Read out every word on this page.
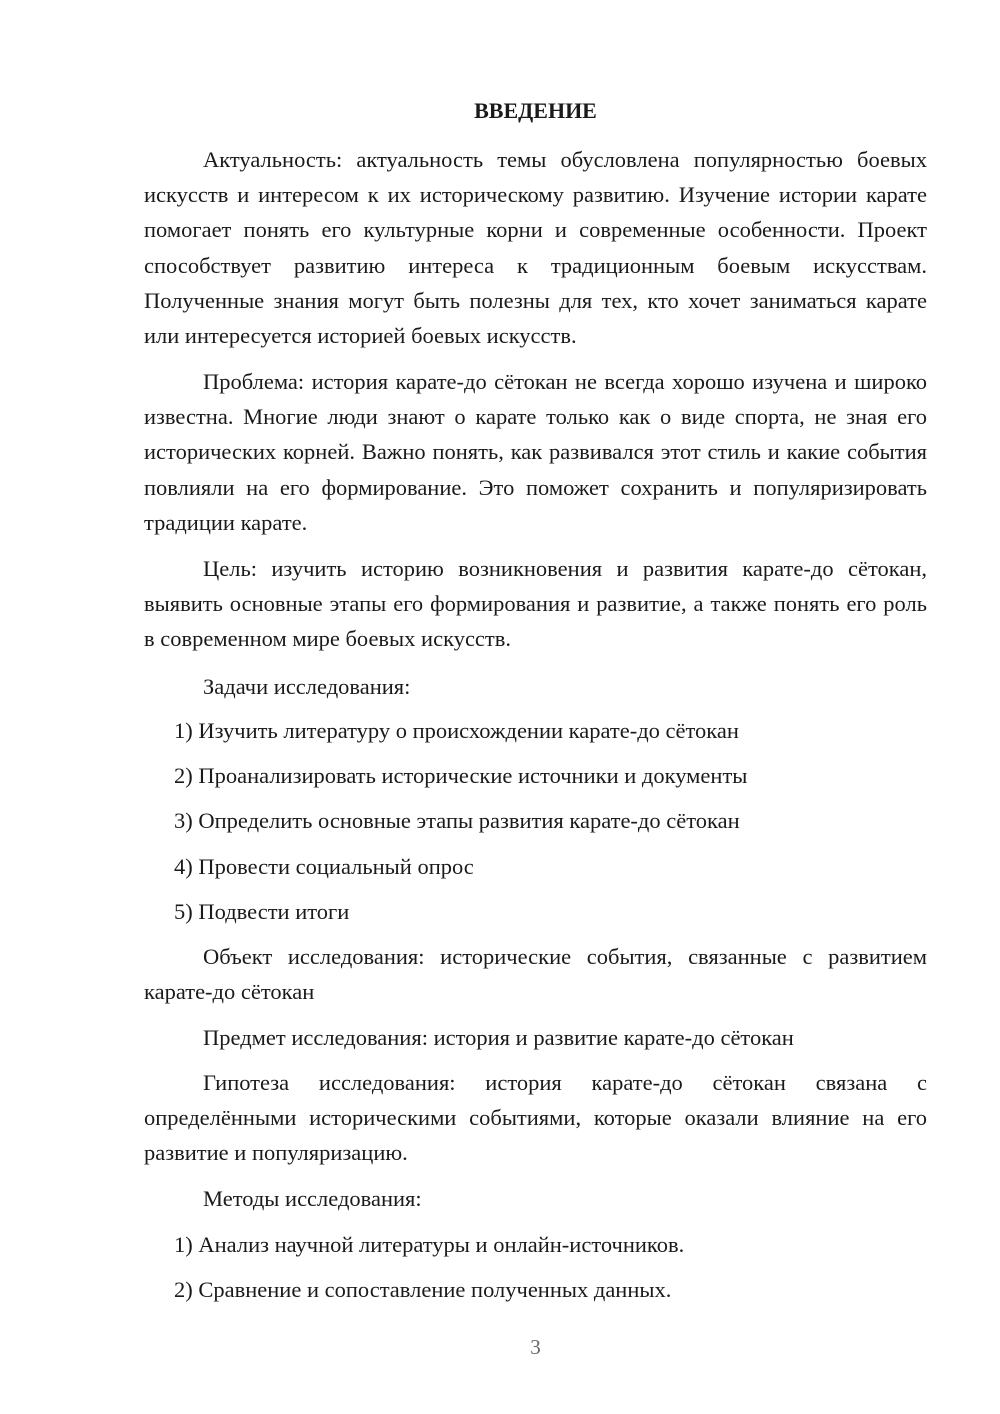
ВВЕДЕНИЕ

Актуальность: актуальность темы обусловлена популярностью боевых искусств и интересом к их историческому развитию. Изучение истории карате помогает понять его культурные корни и современные особенности. Проект способствует развитию интереса к традиционным боевым искусствам. Полученные знания могут быть полезны для тех, кто хочет заниматься карате или интересуется историей боевых искусств.

Проблема: история карате-до сётокан не всегда хорошо изучена и широко известна. Многие люди знают о карате только как о виде спорта, не зная его исторических корней. Важно понять, как развивался этот стиль и какие события повлияли на его формирование. Это поможет сохранить и популяризировать традиции карате.

Цель: изучить историю возникновения и развития карате-до сётокан, выявить основные этапы его формирования и развитие, а также понять его роль в современном мире боевых искусств.

Задачи исследования:
1) Изучить литературу о происхождении карате-до сётокан
2) Проанализировать исторические источники и документы
3) Определить основные этапы развития карате-до сётокан
4) Провести социальный опрос
5) Подвести итоги

Объект исследования: исторические события, связанные с развитием карате-до сётокан

Предмет исследования: история и развитие карате-до сётокан

Гипотеза исследования: история карате-до сётокан связана с определёнными историческими событиями, которые оказали влияние на его развитие и популяризацию.

Методы исследования:
1) Анализ научной литературы и онлайн-источников.
2) Сравнение и сопоставление полученных данных.
3
